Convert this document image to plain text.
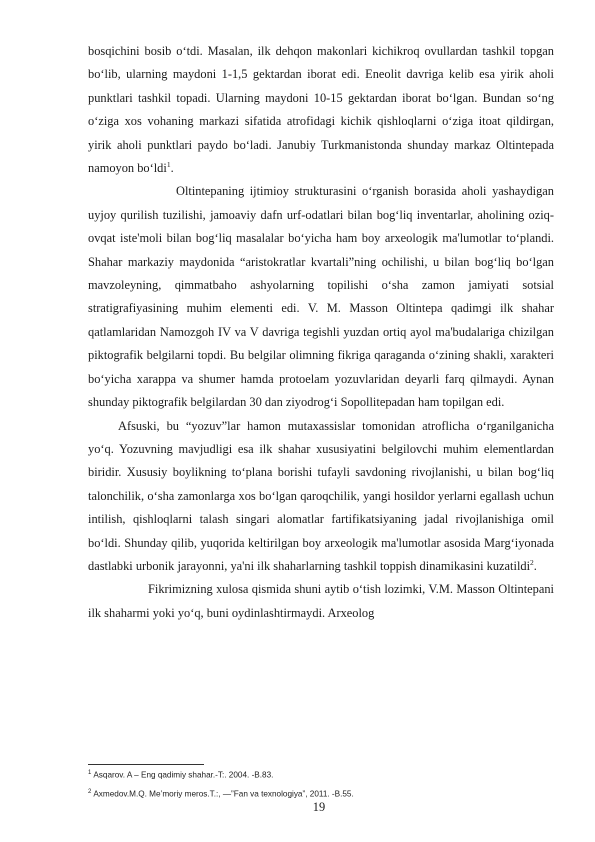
bosqichini bosib o‘tdi. Masalan, ilk dehqon makonlari kichikroq ovullardan tashkil topgan bo‘lib, ularning maydoni 1-1,5 gektardan iborat edi. Eneolit davriga kelib esa yirik aholi punktlari tashkil topadi. Ularning maydoni 10-15 gektardan iborat bo‘lgan. Bundan so‘ng o‘ziga xos vohaning markazi sifatida atrofidagi kichik qishloqlarni o‘ziga itoat qildirgan, yirik aholi punktlari paydo bo‘ladi. Janubiy Turkmanistonda shunday markaz Oltintepada namoyon bo‘ldi$^1$.

Oltintepaning ijtimioy strukturasini o‘rganish borasida aholi yashaydigan uyjoy qurilish tuzilishi, jamoaviy dafn urf-odatlari bilan bog‘liq inventarlar, aholining oziq-ovqat iste'moli bilan bog‘liq masalalar bo‘yicha ham boy arxeologik ma'lumotlar to‘plandi. Shahar markaziy maydonida “aristokratlar kvartali”ning ochilishi, u bilan bog‘liq bo‘lgan mavzoleyning, qimmatbaho ashyolarning topilishi o‘sha zamon jamiyati sotsial stratigrafiyasining muhim elementi edi. V. M. Masson Oltintepa qadimgi ilk shahar qatlamlaridan Namozgoh IV va V davriga tegishli yuzdan ortiq ayol ma'budalariga chizilgan piktografik belgilarni topdi. Bu belgilar olimning fikriga qaraganda o‘zining shakli, xarakteri bo‘yicha xarappa va shumer hamda protoelam yozuvlaridan deyarli farq qilmaydi. Aynan shunday piktografik belgilardan 30 dan ziyodrog‘i Sopollitepadan ham topilgan edi.

Afsuski, bu “yozuv”lar hamon mutaxassislar tomonidan atroflicha o‘rganilganicha yo‘q. Yozuvning mavjudligi esa ilk shahar xususiyatini belgilovchi muhim elementlardan biridir. Xususiy boylikning to‘plana borishi tufayli savdoning rivojlanishi, u bilan bog‘liq talonchilik, o‘sha zamonlarga xos bo‘lgan qaroqchilik, yangi hosildor yerlarni egallash uchun intilish, qishloqlarni talash singari alomatlar fartifikatsiyaning jadal rivojlanishiga omil bo‘ldi. Shunday qilib, yuqorida keltirilgan boy arxeologik ma'lumotlar asosida Marg‘iyonada dastlabki urbonik jarayonni, ya'ni ilk shaharlarning tashkil toppish dinamikasini kuzatildi$^2$.

Fikrimizning xulosa qismida shuni aytib o‘tish lozimki, V.M. Masson Oltintepani ilk shaharmi yoki yo‘q, buni oydinlashtirmaydi. Arxeolog

$^1$ Asqarov. A – Eng qadimiy shahar.-T:. 2004. -B.83.
$^2$ Axmedov.M.Q. Me’moriy meros.T.:, —”Fan va texnologiya”, 2011. -B.55.
19
